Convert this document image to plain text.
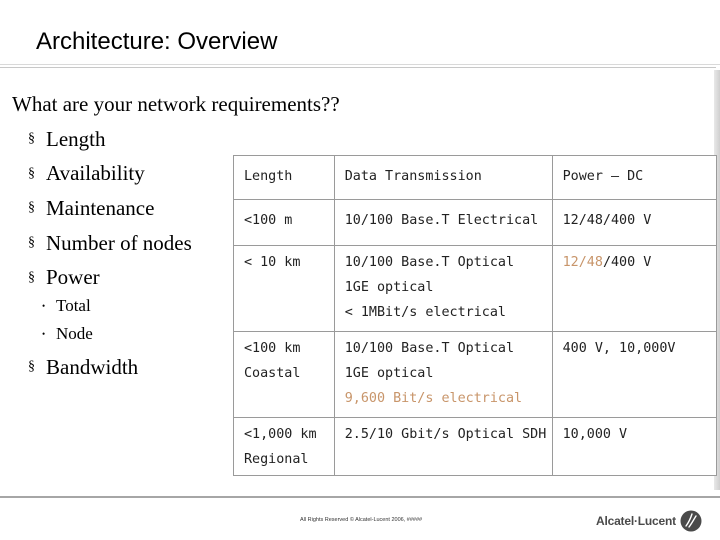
Architecture: Overview
What are your network requirements??
§ Length
§ Availability
§ Maintenance
§ Number of nodes
§ Power
• Total
• Node
§ Bandwidth
Length	Data Transmission	Power – DC

<100 m	10/100 Base.T Electrical	12/48/400 V

< 10 km	10/100 Base.T Optical
1GE optical
< 1MBit/s electrical	12/48/400 V

<100 km
Coastal	10/100 Base.T Optical
1GE optical
9,600 Bit/s electrical	400 V, 10,000V

<1,000 km
Regional	2.5/10 Gbit/s Optical SDH	10,000 V
All Rights Reserved © Alcatel-Lucent 2006, #####	Alcatel·Lucent
